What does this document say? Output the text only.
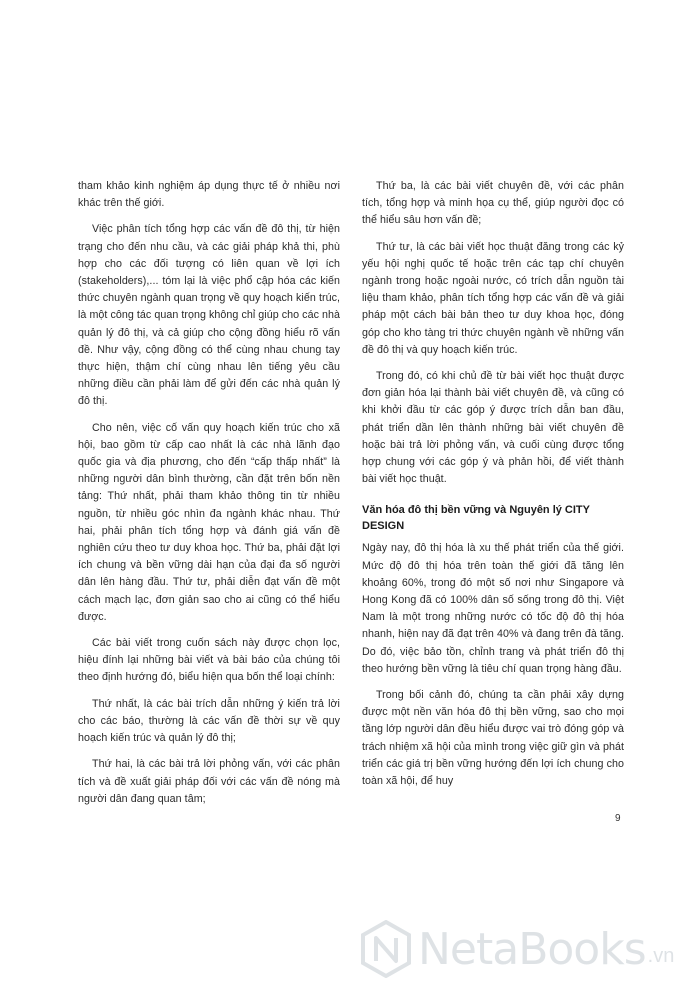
tham khảo kinh nghiệm áp dụng thực tế ở nhiều nơi khác trên thế giới.

Việc phân tích tổng hợp các vấn đề đô thị, từ hiện trạng cho đến nhu cầu, và các giải pháp khả thi, phù hợp cho các đối tượng có liên quan về lợi ích (stakeholders),... tóm lại là việc phổ cập hóa các kiến thức chuyên ngành quan trọng về quy hoạch kiến trúc, là một công tác quan trọng không chỉ giúp cho các nhà quản lý đô thị, và cả giúp cho cộng đồng hiểu rõ vấn đề. Như vậy, cộng đồng có thể cùng nhau chung tay thực hiện, thậm chí cùng nhau lên tiếng yêu cầu những điều cần phải làm để gửi đến các nhà quản lý đô thị.

Cho nên, việc cố vấn quy hoạch kiến trúc cho xã hội, bao gồm từ cấp cao nhất là các nhà lãnh đạo quốc gia và địa phương, cho đến “cấp thấp nhất” là những người dân bình thường, cần đặt trên bốn nền tảng: Thứ nhất, phải tham khảo thông tin từ nhiều nguồn, từ nhiều góc nhìn đa ngành khác nhau. Thứ hai, phải phân tích tổng hợp và đánh giá vấn đề nghiên cứu theo tư duy khoa học. Thứ ba, phải đặt lợi ích chung và bền vững dài hạn của đại đa số người dân lên hàng đầu. Thứ tư, phải diễn đạt vấn đề một cách mạch lạc, đơn giản sao cho ai cũng có thể hiểu được.

Các bài viết trong cuốn sách này được chọn lọc, hiệu đính lại những bài viết và bài báo của chúng tôi theo định hướng đó, biểu hiện qua bốn thể loại chính:

Thứ nhất, là các bài trích dẫn những ý kiến trả lời cho các báo, thường là các vấn đề thời sự về quy hoạch kiến trúc và quản lý đô thị;

Thứ hai, là các bài trả lời phỏng vấn, với các phân tích và đề xuất giải pháp đối với các vấn đề nóng mà người dân đang quan tâm;

Thứ ba, là các bài viết chuyên đề, với các phân tích, tổng hợp và minh họa cụ thể, giúp người đọc có thể hiểu sâu hơn vấn đề;

Thứ tư, là các bài viết học thuật đăng trong các kỷ yếu hội nghị quốc tế hoặc trên các tạp chí chuyên ngành trong hoặc ngoài nước, có trích dẫn nguồn tài liệu tham khảo, phân tích tổng hợp các vấn đề và giải pháp một cách bài bản theo tư duy khoa học, đóng góp cho kho tàng tri thức chuyên ngành về những vấn đề đô thị và quy hoạch kiến trúc.

Trong đó, có khi chủ đề từ bài viết học thuật được đơn giản hóa lại thành bài viết chuyên đề, và cũng có khi khởi đầu từ các góp ý được trích dẫn ban đầu, phát triển dần lên thành những bài viết chuyên đề hoặc bài trả lời phỏng vấn, và cuối cùng được tổng hợp chung với các góp ý và phản hồi, để viết thành bài viết học thuật.

Văn hóa đô thị bền vững và Nguyên lý CITY DESIGN

Ngày nay, đô thị hóa là xu thế phát triển của thế giới. Mức độ đô thị hóa trên toàn thế giới đã tăng lên khoảng 60%, trong đó một số nơi như Singapore và Hong Kong đã có 100% dân số sống trong đô thị. Việt Nam là một trong những nước có tốc độ đô thị hóa nhanh, hiện nay đã đạt trên 40% và đang trên đà tăng. Do đó, việc bảo tồn, chỉnh trang và phát triển đô thị theo hướng bền vững là tiêu chí quan trọng hàng đầu.

Trong bối cảnh đó, chúng ta cần phải xây dựng được một nền văn hóa đô thị bền vững, sao cho mọi tầng lớp người dân đều hiểu được vai trò đóng góp và trách nhiệm xã hội của mình trong việc giữ gìn và phát triển các giá trị bền vững hướng đến lợi ích chung cho toàn xã hội, để huy

9
NetaBooks .vn
